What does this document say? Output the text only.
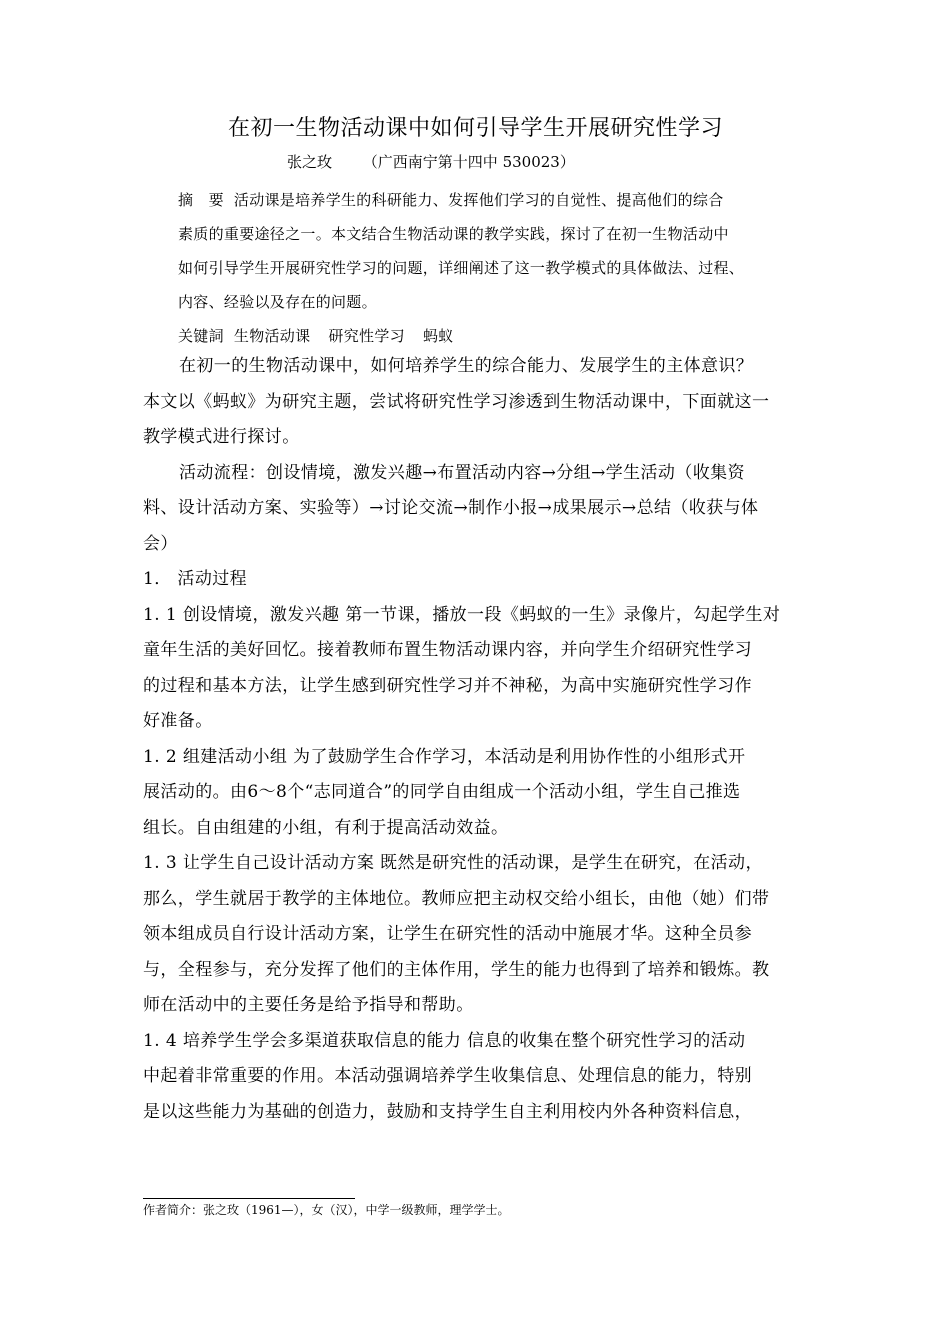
在初一生物活动课中如何引导学生开展研究性学习
张之玫 （广西南宁第十四中 530023）
摘　要 活动课是培养学生的科研能力、发挥他们学习的自觉性、提高他们的综合
素质的重要途径之一。本文结合生物活动课的教学实践，探讨了在初一生物活动中
如何引导学生开展研究性学习的问题，详细阐述了这一教学模式的具体做法、过程、
内容、经验以及存在的问题。
关键詞 生物活动课 研究性学习 蚂蚁
在初一的生物活动课中，如何培养学生的综合能力、发展学生的主体意识？
本文以《蚂蚁》为研究主题，尝试将研究性学习渗透到生物活动课中，下面就这一
教学模式进行探讨。
活动流程：创设情境，激发兴趣→布置活动内容→分组→学生活动（收集资
料、设计活动方案、实验等）→讨论交流→制作小报→成果展示→总结（收获与体
会）
1． 活动过程
1. 1 创设情境，激发兴趣 第一节课，播放一段《蚂蚁的一生》录像片，勾起学生对
童年生活的美好回忆。接着教师布置生物活动课内容，并向学生介绍研究性学习
的过程和基本方法，让学生感到研究性学习并不神秘，为高中实施研究性学习作
好准备。
1. 2 组建活动小组 为了鼓励学生合作学习，本活动是利用协作性的小组形式开
展活动的。由6～8个“志同道合”的同学自由组成一个活动小组，学生自己推选
组长。自由组建的小组，有利于提高活动效益。
1. 3 让学生自己设计活动方案 既然是研究性的活动课，是学生在研究，在活动，
那么，学生就居于教学的主体地位。教师应把主动权交给小组长，由他（她）们带
领本组成员自行设计活动方案，让学生在研究性的活动中施展才华。这种全员参
与，全程参与，充分发挥了他们的主体作用，学生的能力也得到了培养和锻炼。教
师在活动中的主要任务是给予指导和帮助。
1. 4 培养学生学会多渠道获取信息的能力 信息的收集在整个研究性学习的活动
中起着非常重要的作用。本活动强调培养学生收集信息、处理信息的能力，特别
是以这些能力为基础的创造力，鼓励和支持学生自主利用校内外各种资料信息，
作者简介：张之玫（1961—），女（汉），中学一级教师，理学学士。
